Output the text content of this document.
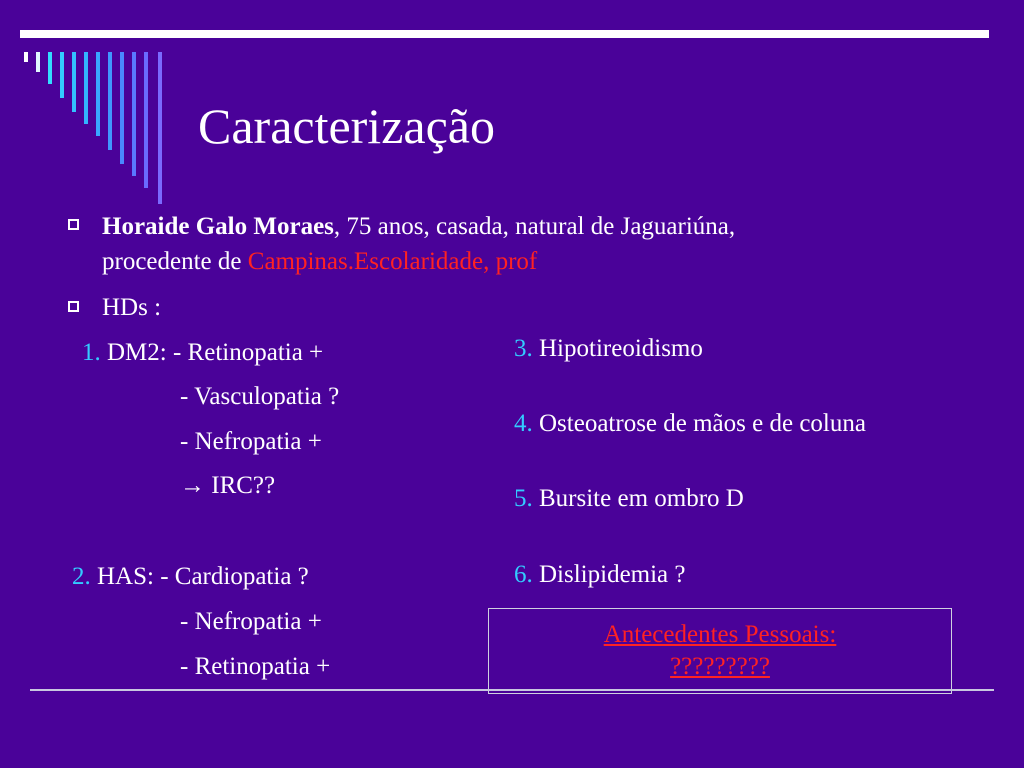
Caracterização
Horaide Galo Moraes, 75 anos, casada, natural de Jaguariúna,
procedente de Campinas.Escolaridade, prof
HDs :
1. DM2: - Retinopatia +
- Vasculopatia ?
- Nefropatia +
→ IRC??
2. HAS: - Cardiopatia ?
- Nefropatia +
- Retinopatia +
3. Hipotireoidismo
4. Osteoatrose de mãos e de coluna
5. Bursite em ombro D
6. Dislipidemia ?
Antecedentes Pessoais:
?????????
